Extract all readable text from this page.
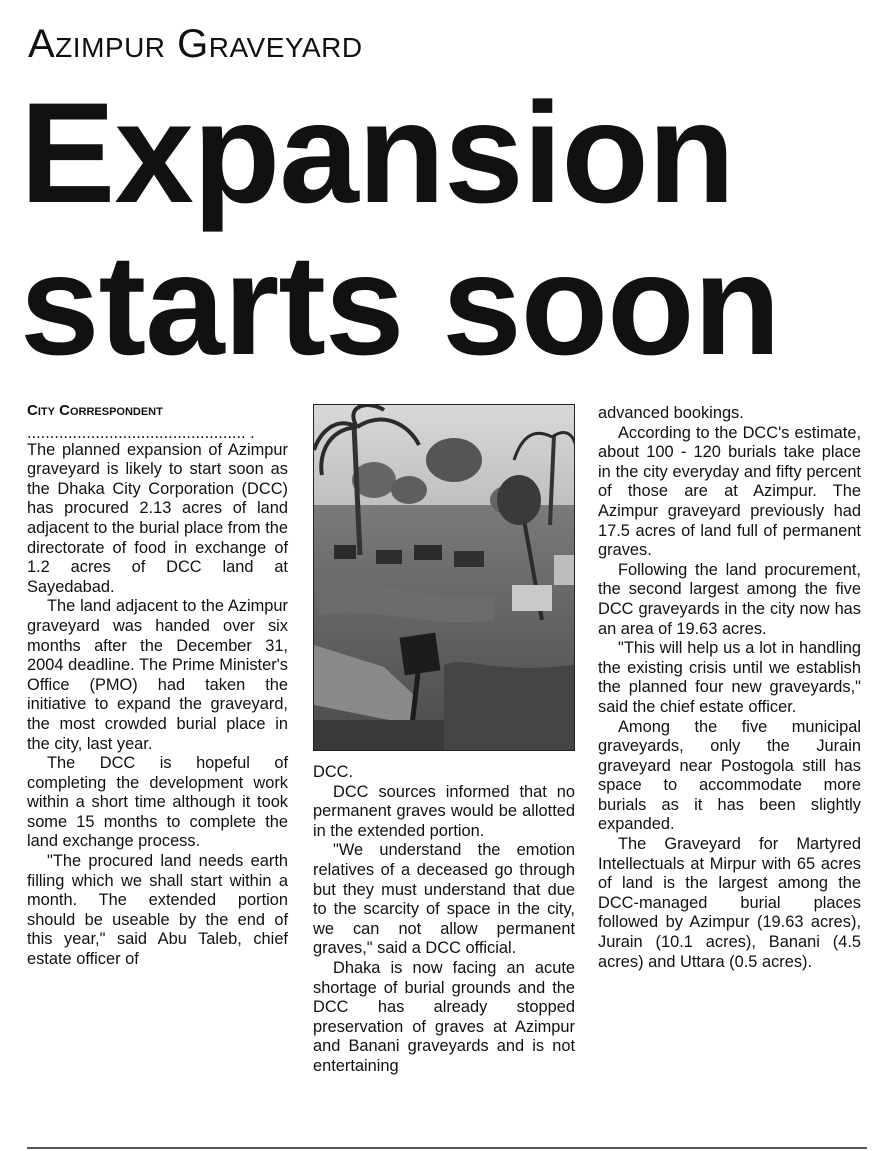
Azimpur Graveyard
Expansion
starts soon
City Correspondent
................................................ .

The planned expansion of Azimpur graveyard is likely to start soon as the Dhaka City Corporation (DCC) has procured 2.13 acres of land adjacent to the burial place from the directorate of food in exchange of 1.2 acres of DCC land at Sayedabad.

The land adjacent to the Azimpur graveyard was handed over six months after the December 31, 2004 deadline. The Prime Minister's Office (PMO) had taken the initiative to expand the graveyard, the most crowded burial place in the city, last year.

The DCC is hopeful of completing the development work within a short time although it took some 15 months to complete the land exchange process.

"The procured land needs earth filling which we shall start within a month. The extended portion should be useable by the end of this year," said Abu Taleb, chief estate officer of

DCC.

DCC sources informed that no permanent graves would be allotted in the extended portion.

"We understand the emotion relatives of a deceased go through but they must understand that due to the scarcity of space in the city, we can not allow permanent graves," said a DCC official.

Dhaka is now facing an acute shortage of burial grounds and the DCC has already stopped preservation of graves at Azimpur and Banani graveyards and is not entertaining

advanced bookings.

According to the DCC's estimate, about 100 - 120 burials take place in the city everyday and fifty percent of those are at Azimpur. The Azimpur graveyard previously had 17.5 acres of land full of permanent graves.

Following the land procurement, the second largest among the five DCC graveyards in the city now has an area of 19.63 acres.

"This will help us a lot in handling the existing crisis until we establish the planned four new graveyards," said the chief estate officer.

Among the five municipal graveyards, only the Jurain graveyard near Postogola still has space to accommodate more burials as it has been slightly expanded.

The Graveyard for Martyred Intellectuals at Mirpur with 65 acres of land is the largest among the DCC-managed burial places followed by Azimpur (19.63 acres), Jurain (10.1 acres), Banani (4.5 acres) and Uttara (0.5 acres).
